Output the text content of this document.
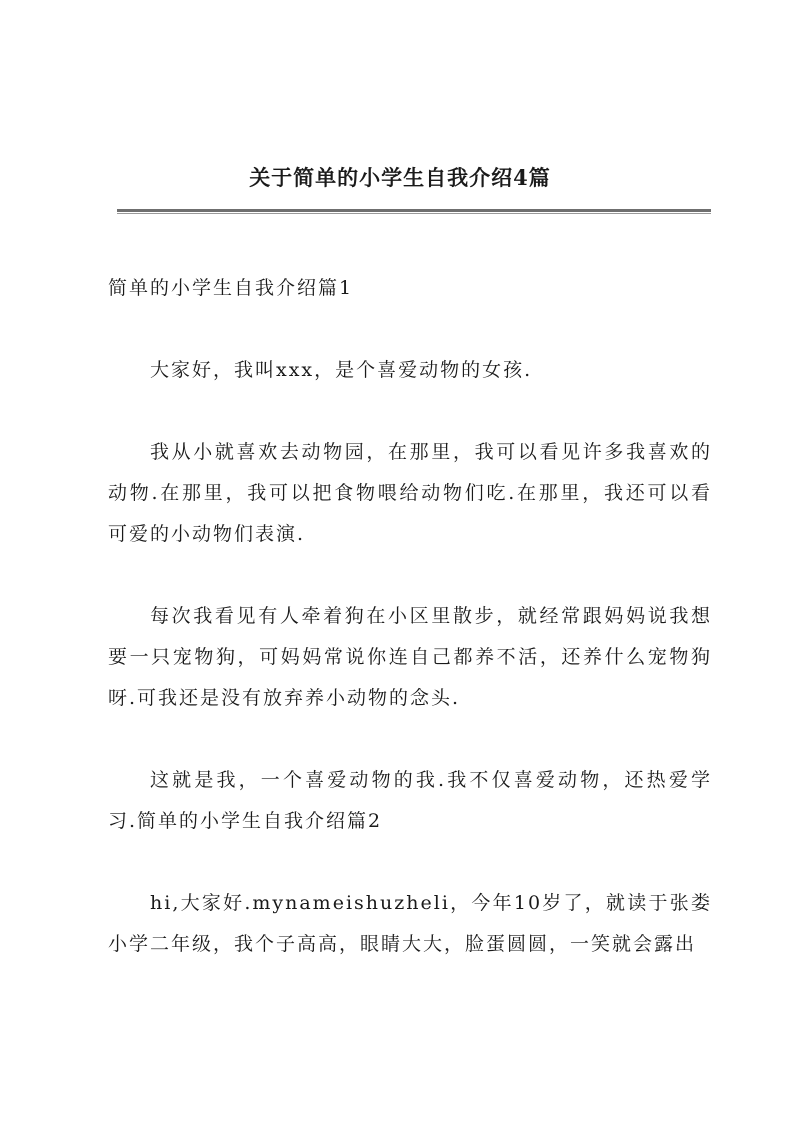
关于简单的小学生自我介绍4篇

简单的小学生自我介绍篇1

大家好，我叫xxx，是个喜爱动物的女孩.

我从小就喜欢去动物园，在那里，我可以看见许多我喜欢的动物.在那里，我可以把食物喂给动物们吃.在那里，我还可以看可爱的小动物们表演.

每次我看见有人牵着狗在小区里散步，就经常跟妈妈说我想要一只宠物狗，可妈妈常说你连自己都养不活，还养什么宠物狗呀.可我还是没有放弃养小动物的念头.

这就是我，一个喜爱动物的我.我不仅喜爱动物，还热爱学习.简单的小学生自我介绍篇2

hi,大家好.mynameishuzheli，今年10岁了，就读于张娄小学二年级，我个子高高，眼睛大大，脸蛋圆圆，一笑就会露出
